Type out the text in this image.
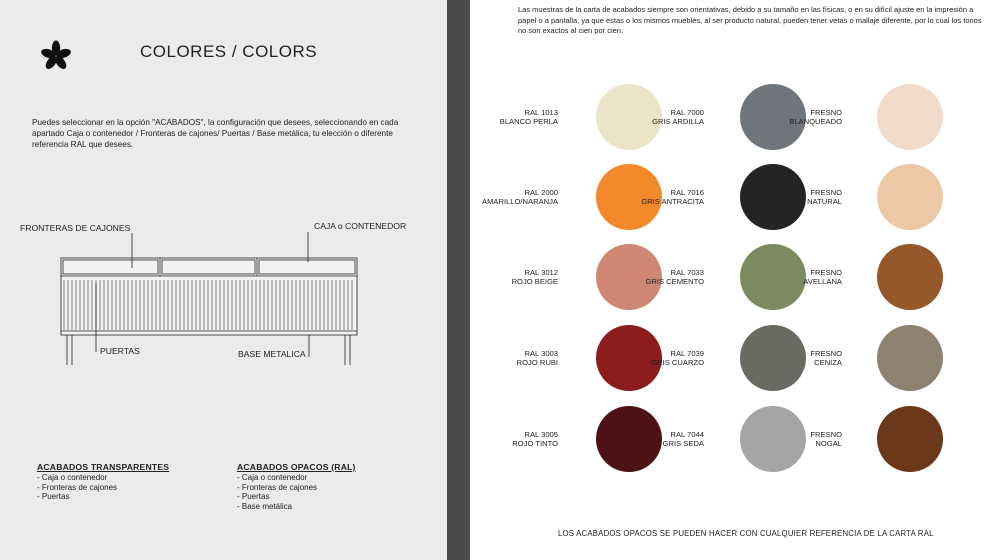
COLORES / COLORS
Puedes seleccionar en la opción "ACABADOS", la configuración que desees, seleccionando en cada apartado Caja o contenedor / Fronteras de cajones/ Puertas / Base metálica, tu elección o diferente referencia RAL que desees.
FRONTERAS DE CAJONES	CAJA o CONTENEDOR
PUERTAS	BASE METALICA
ACABADOS TRANSPARENTES
- Caja o contenedor
- Fronteras de cajones
- Puertas
ACABADOS OPACOS (RAL)
- Caja o contenedor
- Fronteras de cajones
- Puertas
- Base metálica
Las muestras de la carta de acabados siempre son orientativas, debido a su tamaño en las físicas, o en su difícil ajuste en la impresión a papel o a pantalla, ya que estas o los mismos muebles, al ser producto natural, pueden tener vetas o mallaje diferente, por lo cual los tonos no son exactos al cien por cien.
RAL 1013
BLANCO PERLA
RAL 7000
GRIS ARDILLA
FRESNO
BLANQUEADO
RAL 2000
AMARILLO/NARANJA
RAL 7016
GRIS ANTRACITA
FRESNO
NATURAL
RAL 3012
ROJO BEIGE
RAL 7033
GRIS CEMENTO
FRESNO
AVELLANA
RAL 3003
ROJO RUBI
RAL 7039
GRIS CUARZO
FRESNO
CENIZA
RAL 3005
ROJO TINTO
RAL 7044
GRIS SEDA
FRESNO
NOGAL
LOS ACABADOS OPACOS SE PUEDEN HACER CON CUALQUIER REFERENCIA DE LA CARTA RAL
